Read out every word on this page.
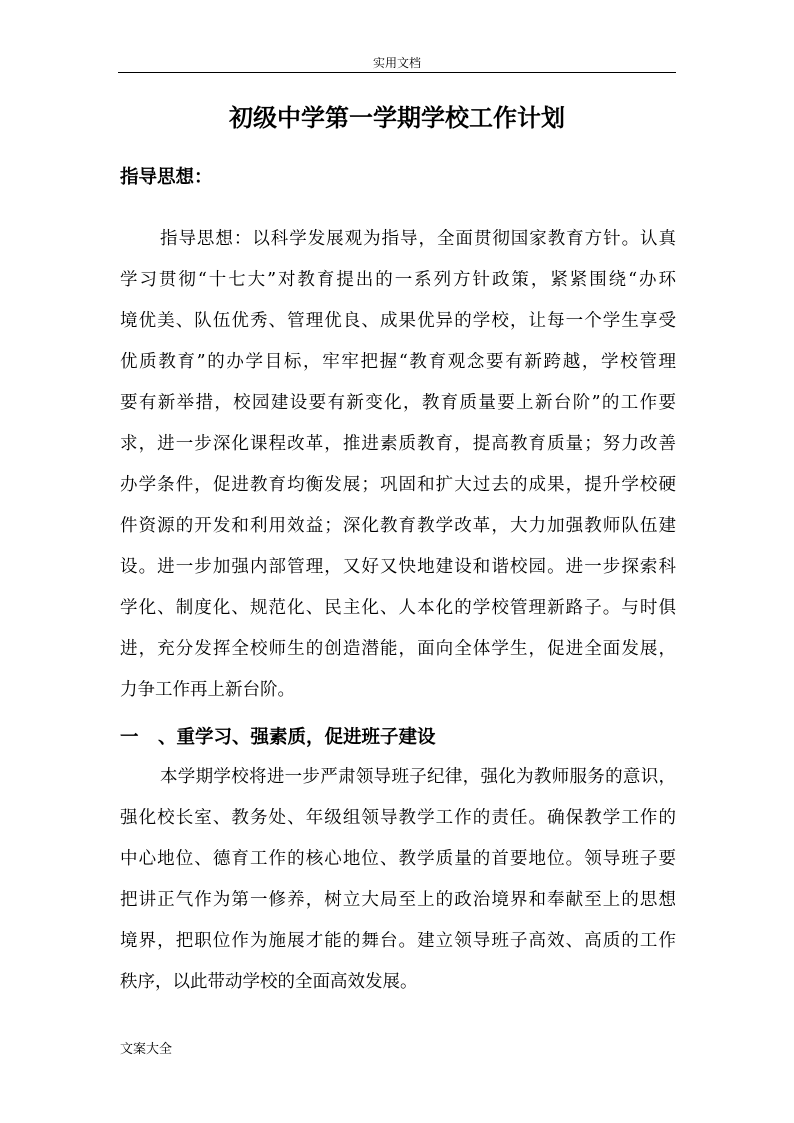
实用文档
初级中学第一学期学校工作计划
指导思想：
指导思想：以科学发展观为指导，全面贯彻国家教育方针。认真
学习贯彻“十七大”对教育提出的一系列方针政策，紧紧围绕“办环
境优美、队伍优秀、管理优良、成果优异的学校，让每一个学生享受
优质教育”的办学目标，牢牢把握“教育观念要有新跨越，学校管理
要有新举措，校园建设要有新变化，教育质量要上新台阶”的工作要
求，进一步深化课程改革，推进素质教育，提高教育质量；努力改善
办学条件，促进教育均衡发展；巩固和扩大过去的成果，提升学校硬
件资源的开发和利用效益；深化教育教学改革，大力加强教师队伍建
设。进一步加强内部管理，又好又快地建设和谐校园。进一步探索科
学化、制度化、规范化、民主化、人本化的学校管理新路子。与时俱
进，充分发挥全校师生的创造潜能，面向全体学生，促进全面发展，
力争工作再上新台阶。
一 、重学习、强素质，促进班子建设
本学期学校将进一步严肃领导班子纪律，强化为教师服务的意识，
强化校长室、教务处、年级组领导教学工作的责任。确保教学工作的
中心地位、德育工作的核心地位、教学质量的首要地位。领导班子要
把讲正气作为第一修养，树立大局至上的政治境界和奉献至上的思想
境界，把职位作为施展才能的舞台。建立领导班子高效、高质的工作
秩序，以此带动学校的全面高效发展。
文案大全
